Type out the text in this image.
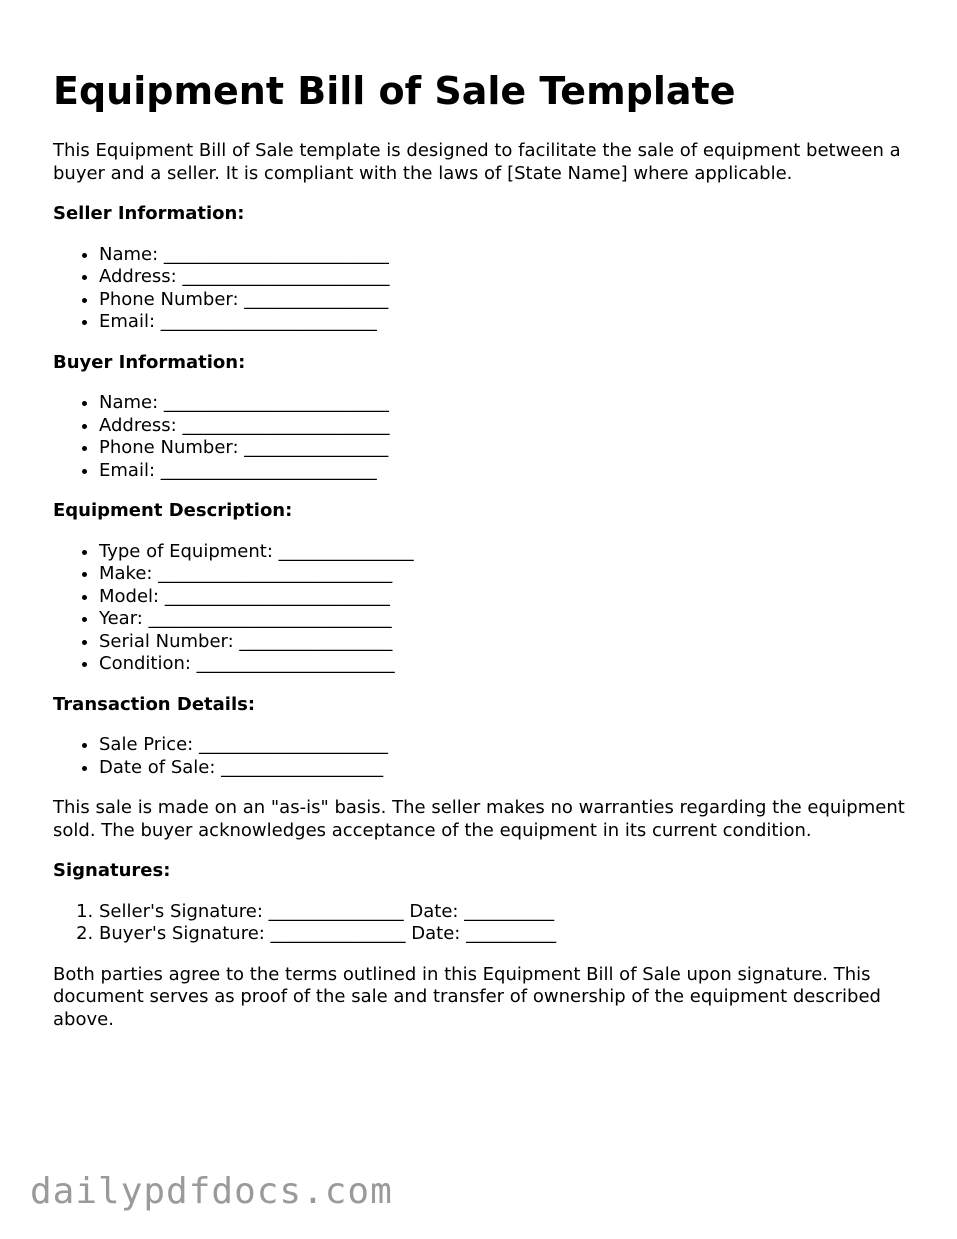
Equipment Bill of Sale Template

This Equipment Bill of Sale template is designed to facilitate the sale of equipment between a buyer and a seller. It is compliant with the laws of [State Name] where applicable.

Seller Information:
• Name: _________________________
• Address: _______________________
• Phone Number: ________________
• Email: ________________________
Buyer Information:
• Name: _________________________
• Address: _______________________
• Phone Number: ________________
• Email: ________________________
Equipment Description:
• Type of Equipment: _______________
• Make: __________________________
• Model: _________________________
• Year: ___________________________
• Serial Number: _________________
• Condition: ______________________
Transaction Details:
• Sale Price: _____________________
• Date of Sale: __________________

This sale is made on an "as-is" basis. The seller makes no warranties regarding the equipment sold. The buyer acknowledges acceptance of the equipment in its current condition.

Signatures:
1. Seller's Signature: _______________ Date: __________
2. Buyer's Signature: _______________ Date: __________

Both parties agree to the terms outlined in this Equipment Bill of Sale upon signature. This document serves as proof of the sale and transfer of ownership of the equipment described above.

dailypdfdocs.com
